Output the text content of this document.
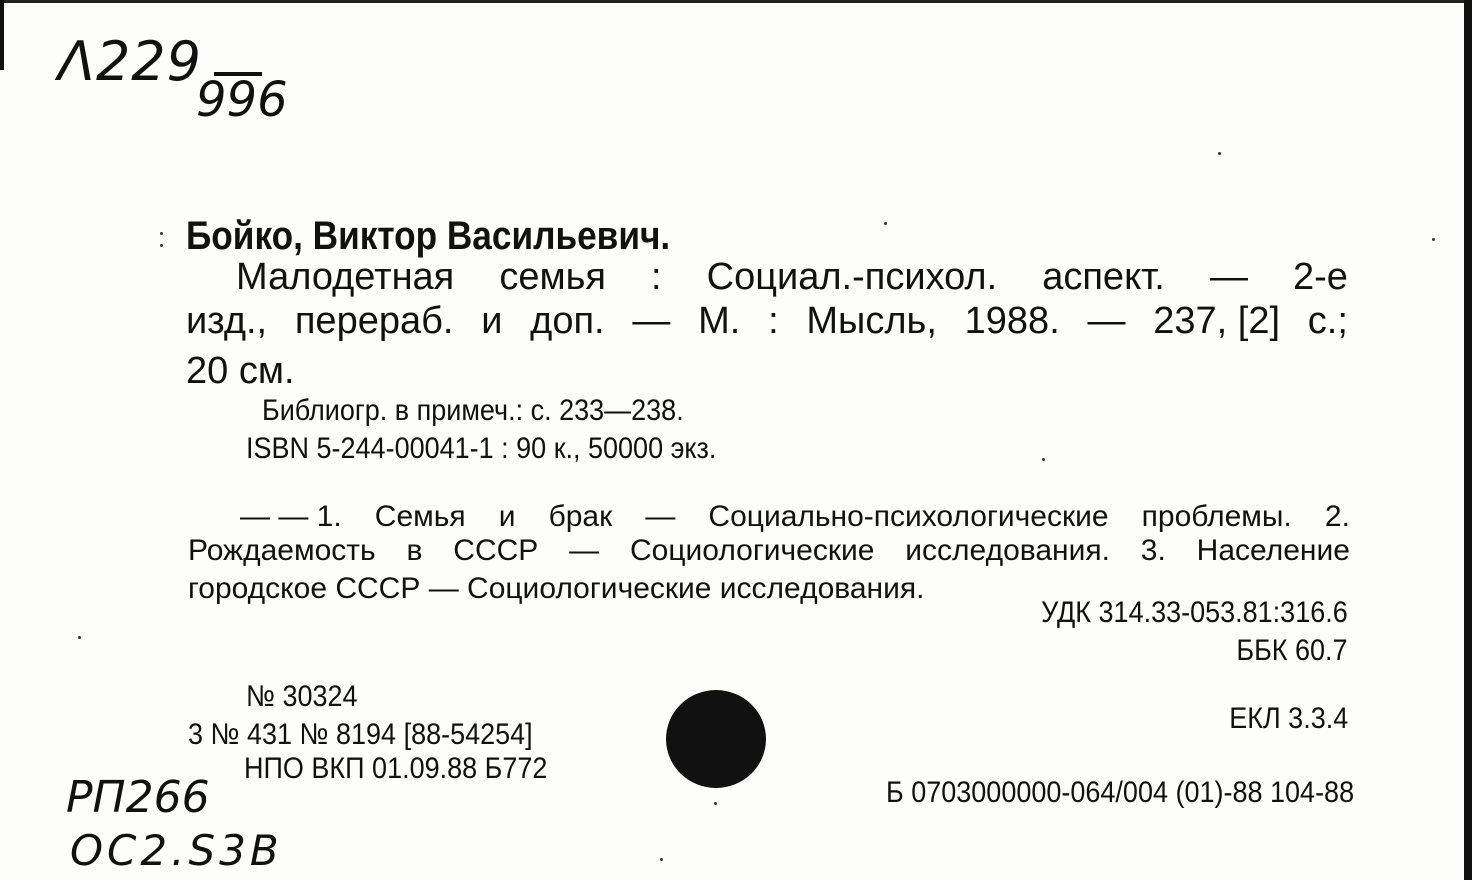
Λ229
996
Бойко, Виктор Васильевич.
Малодетная семья : Социал.-психол. аспект. — 2-е
изд., перераб. и доп. — М. : Мысль, 1988. — 237, [2] с.;
20 см.
Библиогр. в примеч.: с. 233—238.
ISBN 5-244-00041-1 : 90 к., 50000 экз.
— — 1. Семья и брак — Социально-психологические проблемы. 2.
Рождаемость в СССР — Социологические исследования. 3. Население
городское СССР — Социологические исследования.
УДК 314.33-053.81:316.6
ББК 60.7
№ 30324
3 № 431 № 8194 [88-54254]
НПО ВКП 01.09.88 Б772
ЕКЛ 3.3.4
Б 0703000000-064/004 (01)-88 104-88
РП266
ОС2.S3B
